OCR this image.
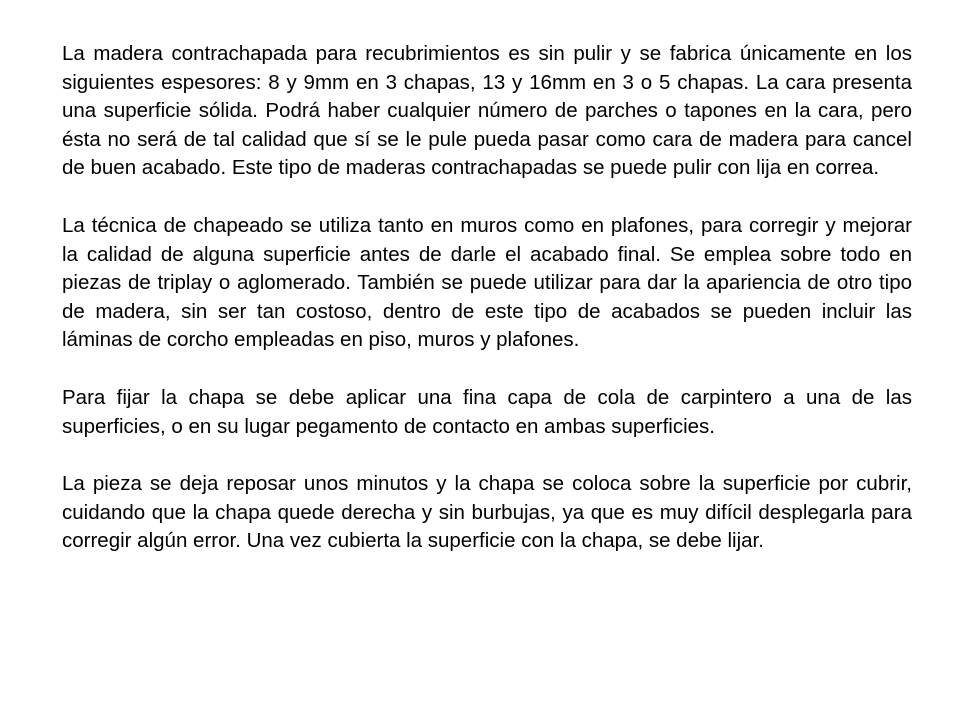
La madera contrachapada para recubrimientos es sin pulir y se fabrica únicamente en los siguientes espesores: 8 y 9mm en 3 chapas, 13 y 16mm en 3 o 5 chapas. La cara presenta una superficie sólida. Podrá haber cualquier número de parches o tapones en la cara, pero ésta no será de tal calidad que sí se le pule pueda pasar como cara de madera para cancel de buen acabado. Este tipo de maderas contrachapadas se puede pulir con lija en correa.

La técnica de chapeado se utiliza tanto en muros como en plafones, para corregir y mejorar la calidad de alguna superficie antes de darle el acabado final. Se emplea sobre todo en piezas de triplay o aglomerado. También se puede utilizar para dar la apariencia de otro tipo de madera, sin ser tan costoso, dentro de este tipo de acabados se pueden incluir las láminas de corcho empleadas en piso, muros y plafones.

Para fijar la chapa se debe aplicar una fina capa de cola de carpintero a una de las superficies, o en su lugar pegamento de contacto en ambas superficies.

La pieza se deja reposar unos minutos y la chapa se coloca sobre la superficie por cubrir, cuidando que la chapa quede derecha y sin burbujas, ya que es muy difícil desplegarla para corregir algún error. Una vez cubierta la superficie con la chapa, se debe lijar.
